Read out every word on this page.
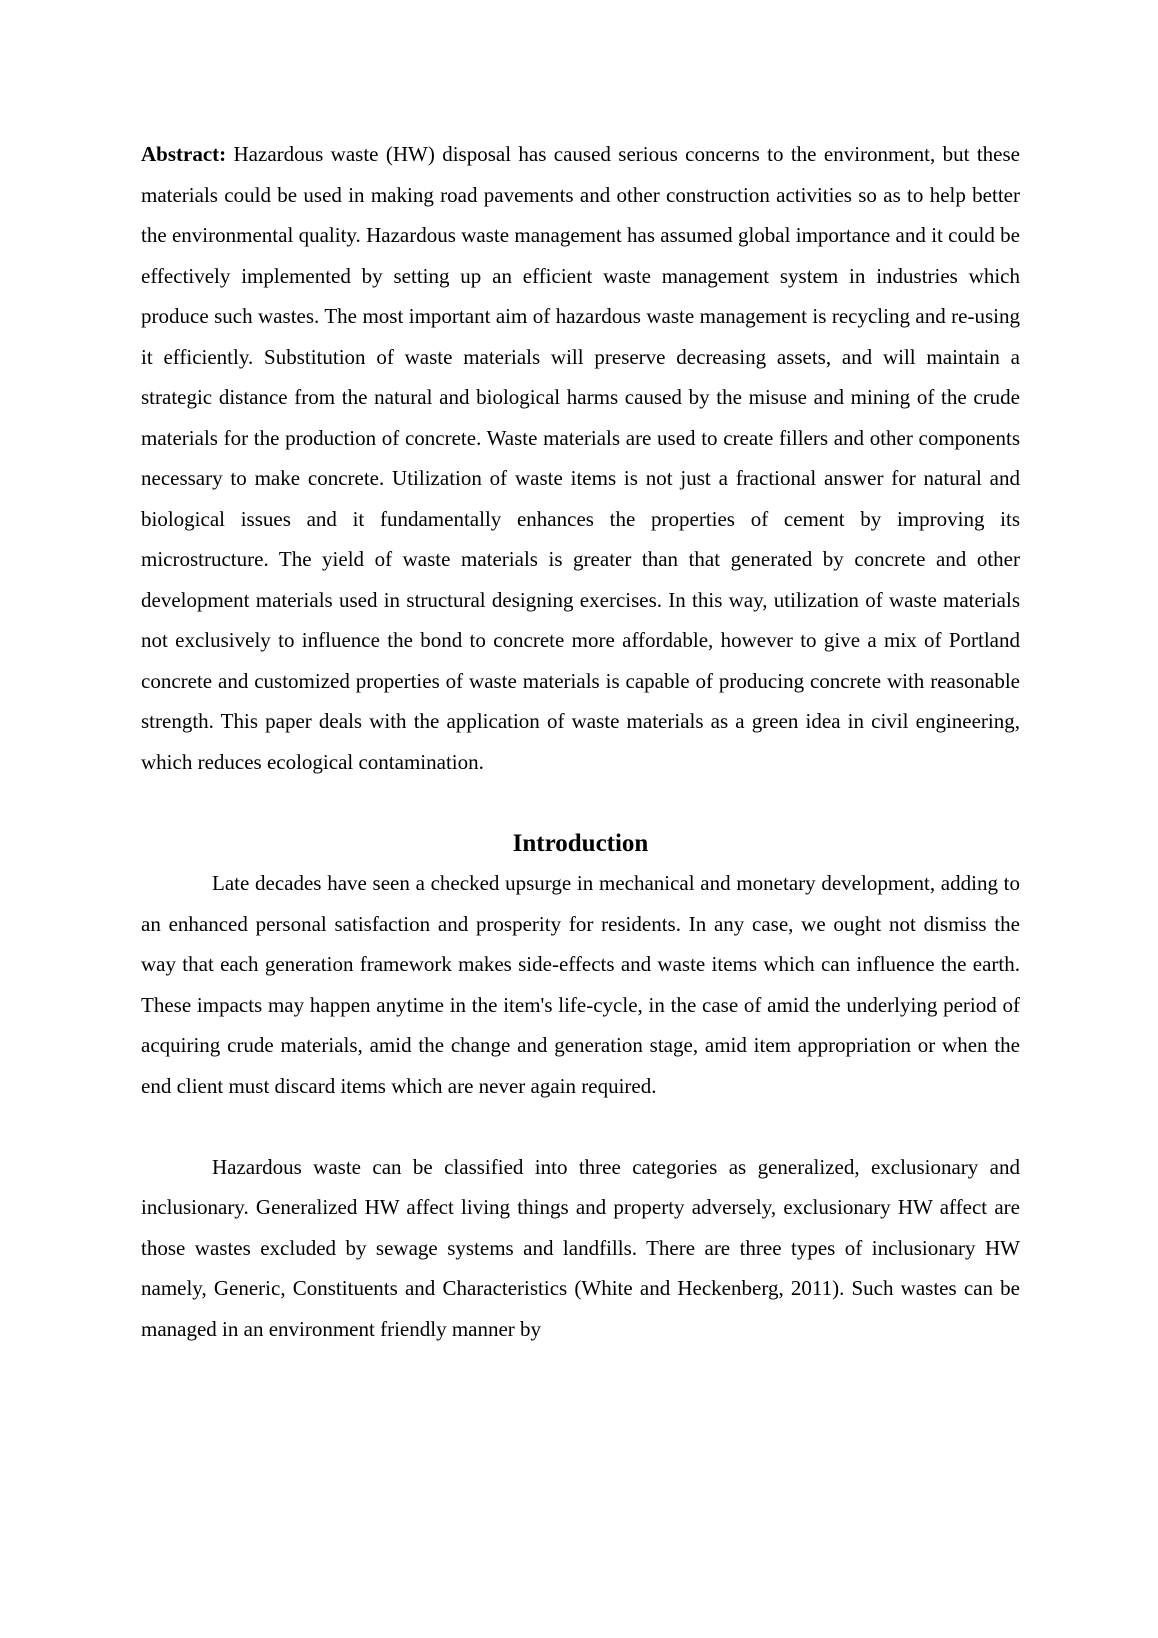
Abstract: Hazardous waste (HW) disposal has caused serious concerns to the environment, but these materials could be used in making road pavements and other construction activities so as to help better the environmental quality. Hazardous waste management has assumed global importance and it could be effectively implemented by setting up an efficient waste management system in industries which produce such wastes. The most important aim of hazardous waste management is recycling and re-using it efficiently. Substitution of waste materials will preserve decreasing assets, and will maintain a strategic distance from the natural and biological harms caused by the misuse and mining of the crude materials for the production of concrete. Waste materials are used to create fillers and other components necessary to make concrete. Utilization of waste items is not just a fractional answer for natural and biological issues and it fundamentally enhances the properties of cement by improving its microstructure. The yield of waste materials is greater than that generated by concrete and other development materials used in structural designing exercises. In this way, utilization of waste materials not exclusively to influence the bond to concrete more affordable, however to give a mix of Portland concrete and customized properties of waste materials is capable of producing concrete with reasonable strength. This paper deals with the application of waste materials as a green idea in civil engineering, which reduces ecological contamination.

Introduction

Late decades have seen a checked upsurge in mechanical and monetary development, adding to an enhanced personal satisfaction and prosperity for residents. In any case, we ought not dismiss the way that each generation framework makes side-effects and waste items which can influence the earth. These impacts may happen anytime in the item's life-cycle, in the case of amid the underlying period of acquiring crude materials, amid the change and generation stage, amid item appropriation or when the end client must discard items which are never again required.

Hazardous waste can be classified into three categories as generalized, exclusionary and inclusionary. Generalized HW affect living things and property adversely, exclusionary HW affect are those wastes excluded by sewage systems and landfills. There are three types of inclusionary HW namely, Generic, Constituents and Characteristics (White and Heckenberg, 2011). Such wastes can be managed in an environment friendly manner by
